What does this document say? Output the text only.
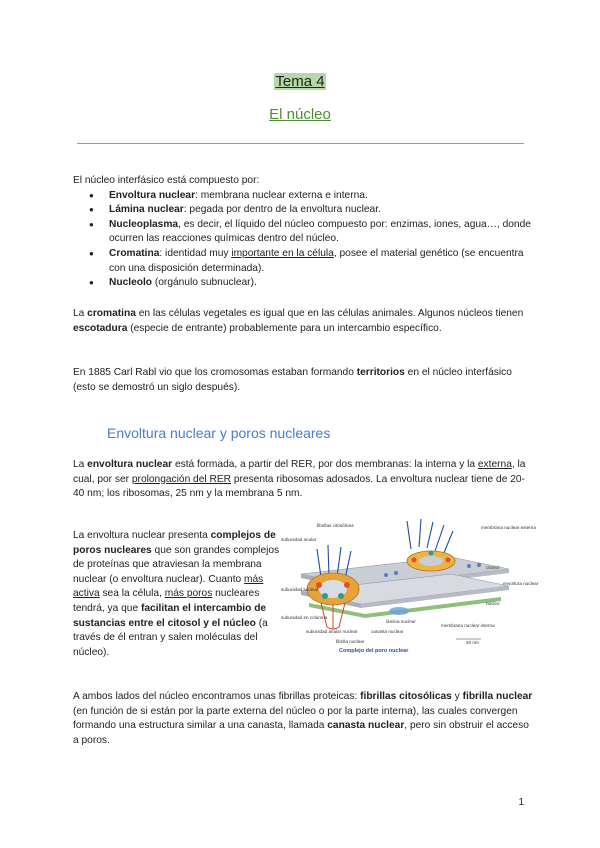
Tema 4
El núcleo
El núcleo interfásico está compuesto por:
● Envoltura nuclear: membrana nuclear externa e interna.
● Lámina nuclear: pegada por dentro de la envoltura nuclear.
● Nucleoplasma, es decir, el líquido del núcleo compuesto por: enzimas, iones, agua…, donde ocurren las reacciones químicas dentro del núcleo.
● Cromatina: identidad muy importante en la célula, posee el material genético (se encuentra con una disposición determinada).
● Nucleolo (orgánulo subnuclear).
La cromatina en las células vegetales es igual que en las células animales. Algunos núcleos tienen escotadura (especie de entrante) probablemente para un intercambio específico.
En 1885 Carl Rabl vio que los cromosomas estaban formando territorios en el núcleo interfásico (esto se demostró un siglo después).
Envoltura nuclear y poros nucleares
La envoltura nuclear está formada, a partir del RER, por dos membranas: la interna y la externa, la cual, por ser prolongación del RER presenta ribosomas adosados. La envoltura nuclear tiene de 20-40 nm; los ribosomas, 25 nm y la membrana 5 nm.
La envoltura nuclear presenta complejos de poros nucleares que son grandes complejos de proteínas que atraviesan la membrana nuclear (o envoltura nuclear). Cuanto más activa sea la célula, más poros nucleares tendrá, ya que facilitan el intercambio de sustancias entre el citosol y el núcleo (a través de él entran y salen moléculas del núcleo).
fibrillas citosólicas
subunidad anular
membrana nuclear externa
citosol
envoltura nuclear
núcleo
subunidad luminal
subunidad en columna
subunidad anular nuclear
lámina nuclear
canasta nuclear
membrana nuclear interna
fibrilla nuclear	20 nm
Complejo del poro nuclear
A ambos lados del núcleo encontramos unas fibrillas proteicas: fibrillas citosólicas y fibrilla nuclear (en función de si están por la parte externa del núcleo o por la parte interna), las cuales convergen formando una estructura similar a una canasta, llamada canasta nuclear, pero sin obstruir el acceso a poros.
1
